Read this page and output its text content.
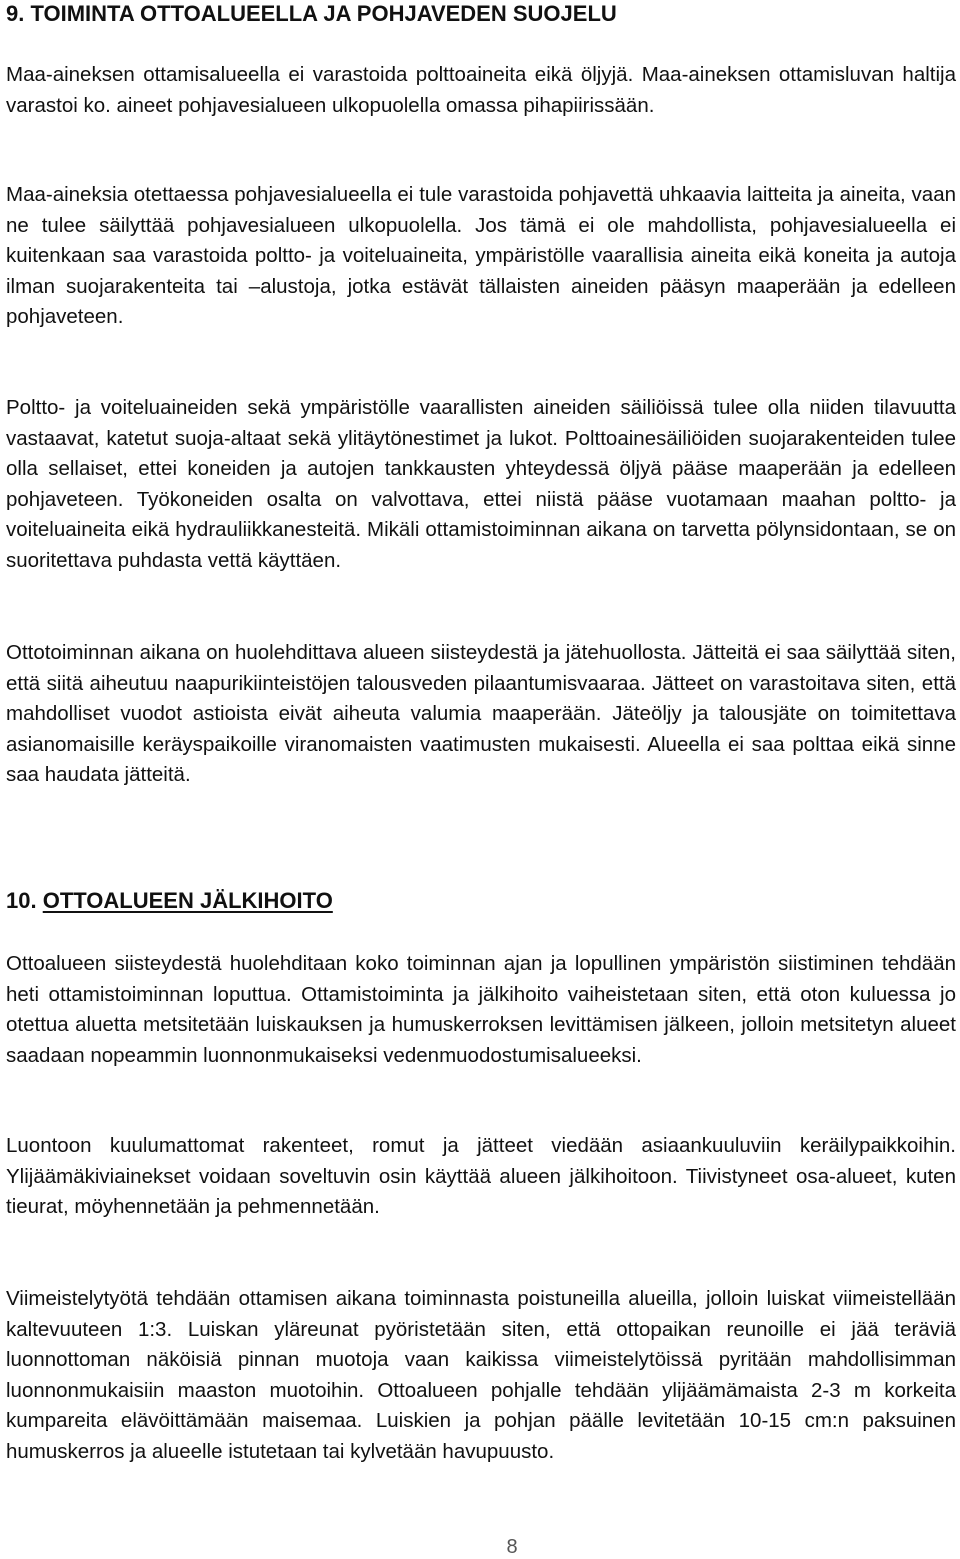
9. TOIMINTA OTTOALUEELLA JA POHJAVEDEN SUOJELU

Maa-aineksen ottamisalueella ei varastoida polttoaineita eikä öljyjä. Maa-aineksen ottamisluvan haltija varastoi ko. aineet pohjavesialueen ulkopuolella omassa pihapiirissään.

Maa-aineksia otettaessa pohjavesialueella ei tule varastoida pohjavettä uhkaavia laitteita ja aineita, vaan ne tulee säilyttää pohjavesialueen ulkopuolella. Jos tämä ei ole mahdollista, pohjavesialueella ei kuitenkaan saa varastoida poltto- ja voiteluaineita, ympäristölle vaarallisia aineita eikä koneita ja autoja ilman suojarakenteita tai –alustoja, jotka estävät tällaisten aineiden pääsyn maaperään ja edelleen pohjaveteen.

Poltto- ja voiteluaineiden sekä ympäristölle vaarallisten aineiden säiliöissä tulee olla niiden tilavuutta vastaavat, katetut suoja-altaat sekä ylitäytönestimet ja lukot. Polttoainesäiliöiden suojarakenteiden tulee olla sellaiset, ettei koneiden ja autojen tankkausten yhteydessä öljyä pääse maaperään ja edelleen pohjaveteen. Työkoneiden osalta on valvottava, ettei niistä pääse vuotamaan maahan poltto- ja voiteluaineita eikä hydrauliikkanesteitä. Mikäli ottamistoiminnan aikana on tarvetta pölynsidontaan, se on suoritettava puhdasta vettä käyttäen.

Ottotoiminnan aikana on huolehdittava alueen siisteydestä ja jätehuollosta. Jätteitä ei saa säilyttää siten, että siitä aiheutuu naapurikiinteistöjen talousveden pilaantumisvaaraa. Jätteet on varastoitava siten, että mahdolliset vuodot astioista eivät aiheuta valumia maaperään. Jäteöljy ja talousjäte on toimitettava asianomaisille keräyspaikoille viranomaisten vaatimusten mukaisesti. Alueella ei saa polttaa eikä sinne saa haudata jätteitä.

10. OTTOALUEEN JÄLKIHOITO

Ottoalueen siisteydestä huolehditaan koko toiminnan ajan ja lopullinen ympäristön siistiminen tehdään heti ottamistoiminnan loputtua. Ottamistoiminta ja jälkihoito vaiheistetaan siten, että oton kuluessa jo otettua aluetta metsitetään luiskauksen ja humuskerroksen levittämisen jälkeen, jolloin metsitetyn alueet saadaan nopeammin luonnonmukaiseksi vedenmuodostumisalueeksi.

Luontoon kuulumattomat rakenteet, romut ja jätteet viedään asiaankuuluviin keräilypaikkoihin. Ylijäämäkiviainekset voidaan soveltuvin osin käyttää alueen jälkihoitoon. Tiivistyneet osa-alueet, kuten tieurat, möyhennetään ja pehmennetään.

Viimeistelytyötä tehdään ottamisen aikana toiminnasta poistuneilla alueilla, jolloin luiskat viimeistellään kaltevuuteen 1:3. Luiskan yläreunat pyöristetään siten, että ottopaikan reunoille ei jää teräviä luonnottoman näköisiä pinnan muotoja vaan kaikissa viimeistelytöissä pyritään mahdollisimman luonnonmukaisiin maaston muotoihin. Ottoalueen pohjalle tehdään ylijäämämaista 2-3 m korkeita kumpareita elävöittämään maisemaa. Luiskien ja pohjan päälle levitetään 10-15 cm:n paksuinen humuskerros ja alueelle istutetaan tai kylvetään havupuusto.

8
